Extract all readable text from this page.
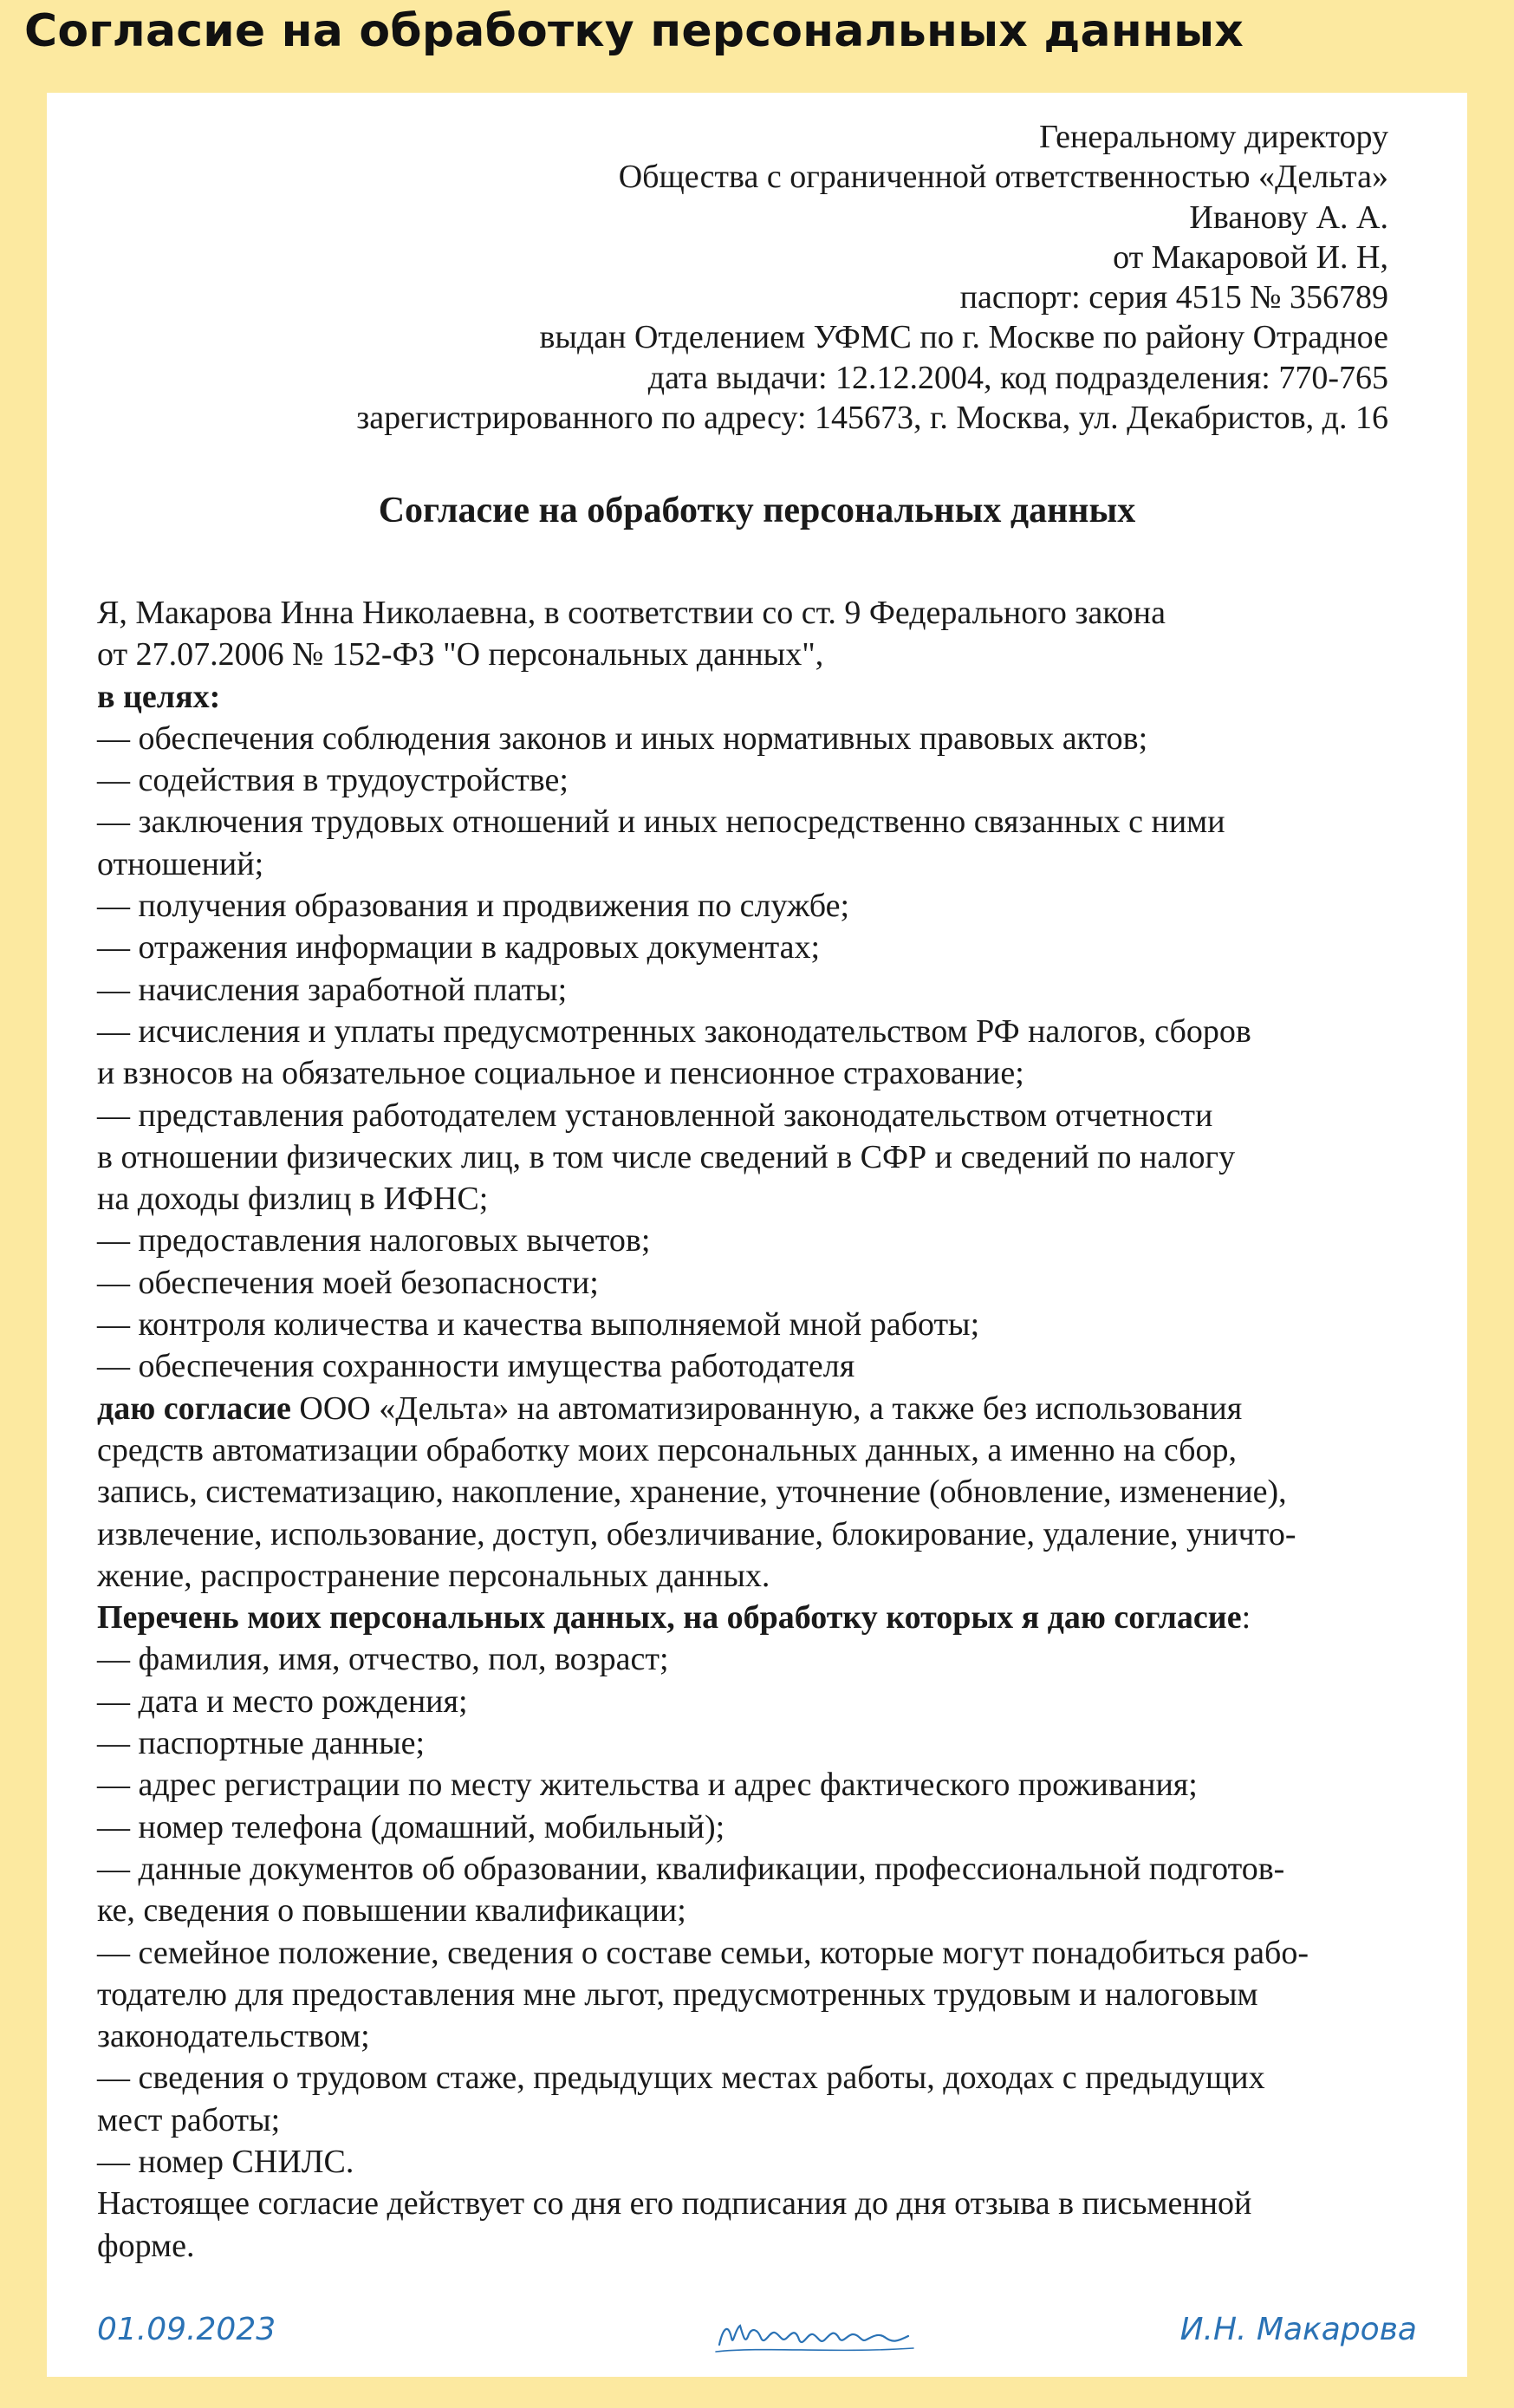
Согласие на обработку персональных данных
Генеральному директору
Общества с ограниченной ответственностью «Дельта»
Иванову А. А.
от Макаровой И. Н,
паспорт: серия 4515 № 356789
выдан Отделением УФМС по г. Москве по району Отрадное
дата выдачи: 12.12.2004, код подразделения: 770-765
зарегистрированного по адресу: 145673, г. Москва, ул. Декабристов, д. 16
Согласие на обработку персональных данных
Я, Макарова Инна Николаевна, в соответствии со ст. 9 Федерального закона
от 27.07.2006 № 152-ФЗ "О персональных данных",
в целях:
— обеспечения соблюдения законов и иных нормативных правовых актов;
— содействия в трудоустройстве;
— заключения трудовых отношений и иных непосредственно связанных с ними
отношений;
— получения образования и продвижения по службе;
— отражения информации в кадровых документах;
— начисления заработной платы;
— исчисления и уплаты предусмотренных законодательством РФ налогов, сборов
и взносов на обязательное социальное и пенсионное страхование;
— представления работодателем установленной законодательством отчетности
в отношении физических лиц, в том числе сведений в СФР и сведений по налогу
на доходы физлиц в ИФНС;
— предоставления налоговых вычетов;
— обеспечения моей безопасности;
— контроля количества и качества выполняемой мной работы;
— обеспечения сохранности имущества работодателя
даю согласие ООО «Дельта» на автоматизированную, а также без использования
средств автоматизации обработку моих персональных данных, а именно на сбор,
запись, систематизацию, накопление, хранение, уточнение (обновление, изменение),
извлечение, использование, доступ, обезличивание, блокирование, удаление, уничто-
жение, распространение персональных данных.
Перечень моих персональных данных, на обработку которых я даю согласие:
— фамилия, имя, отчество, пол, возраст;
— дата и место рождения;
— паспортные данные;
— адрес регистрации по месту жительства и адрес фактического проживания;
— номер телефона (домашний, мобильный);
— данные документов об образовании, квалификации, профессиональной подготов-
ке, сведения о повышении квалификации;
— семейное положение, сведения о составе семьи, которые могут понадобиться рабо-
тодателю для предоставления мне льгот, предусмотренных трудовым и налоговым
законодательством;
— сведения о трудовом стаже, предыдущих местах работы, доходах с предыдущих
мест работы;
— номер СНИЛС.
Настоящее согласие действует со дня его подписания до дня отзыва в письменной
форме.
01.09.2023	И.Н. Макарова
